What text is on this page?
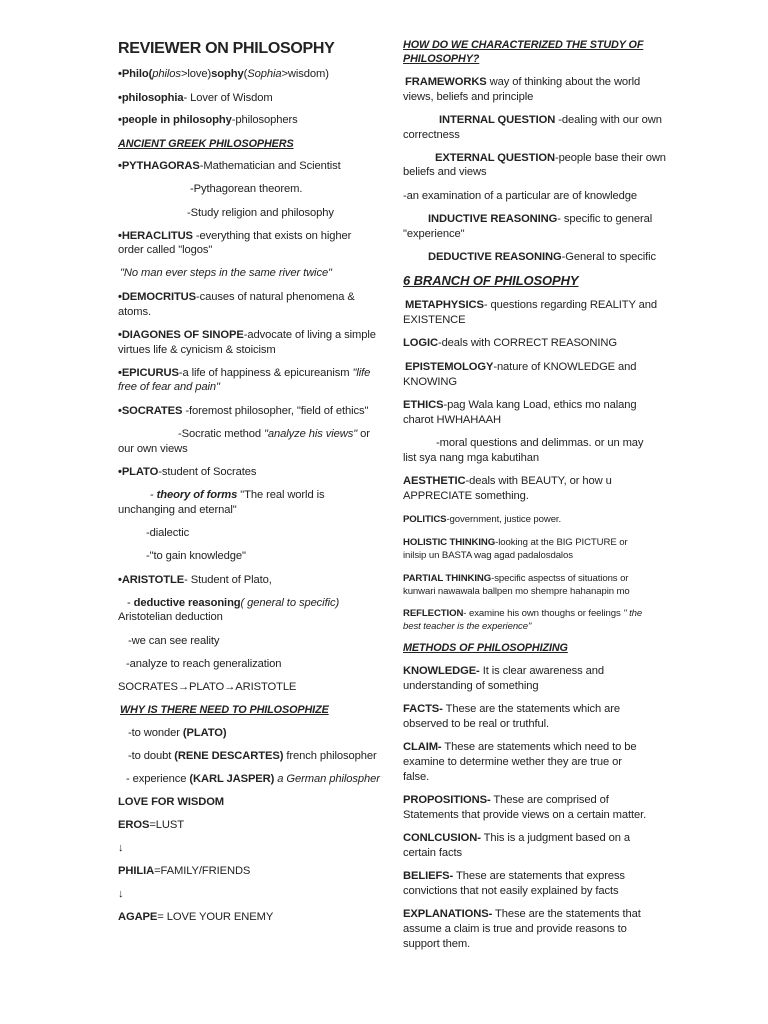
REVIEWER ON PHILOSOPHY
•Philo(philos>love)sophy(Sophia>wisdom)
•philosophia- Lover of Wisdom
•people in philosophy-philosophers
ANCIENT GREEK PHILOSOPHERS
•PYTHAGORAS-Mathematician and Scientist
-Pythagorean theorem.
-Study religion and philosophy
•HERACLITUS -everything that exists on higher
order called "logos"
"No man ever steps in the same river twice"
•DEMOCRITUS-causes of natural phenomena &
atoms.
•DIAGONES OF SINOPE-advocate of living a simple
virtues life & cynicism & stoicism
•EPICURUS-a life of happiness & epicureanism "life
free of fear and pain"
•SOCRATES -foremost philosopher, "field of ethics"
-Socratic method "analyze his views" or
our own views
•PLATO-student of Socrates
- theory of forms "The real world is
unchanging and eternal"
-dialectic
-"to gain knowledge"
•ARISTOTLE- Student of Plato,
- deductive reasoning( general to specific)
Aristotelian deduction
-we can see reality
-analyze to reach generalization
SOCRATES→PLATO→ARISTOTLE
WHY IS THERE NEED TO PHILOSOPHIZE
-to wonder (PLATO)
-to doubt (RENE DESCARTES) french philosopher
- experience (KARL JASPER) a German philospher
LOVE FOR WISDOM
EROS=LUST
↓
PHILIA=FAMILY/FRIENDS
↓
AGAPE= LOVE YOUR ENEMY
HOW DO WE CHARACTERIZED THE STUDY OF
PHILOSOPHY?
FRAMEWORKS way of thinking about the world
views, beliefs and principle
INTERNAL QUESTION -dealing with our own
correctness
EXTERNAL QUESTION-people base their own
beliefs and views
-an examination of a particular are of knowledge
INDUCTIVE REASONING- specific to general
"experience"
DEDUCTIVE REASONING-General to specific
6 BRANCH OF PHILOSOPHY
METAPHYSICS- questions regarding REALITY and
EXISTENCE
LOGIC-deals with CORRECT REASONING
EPISTEMOLOGY-nature of KNOWLEDGE and
KNOWING
ETHICS-pag Wala kang Load, ethics mo nalang
charot HWHAHAAH
-moral questions and delimmas. or un may
list sya nang mga kabutihan
AESTHETIC-deals with BEAUTY, or how u
APPRECIATE something.
POLITICS-government, justice power.
HOLISTIC THINKING-looking at the BIG PICTURE or
inilsip un BASTA wag agad padalosdalos
PARTIAL THINKING-specific aspectss of situations or
kunwari nawawala ballpen mo shempre hahanapin mo
REFLECTION- examine his own thoughs or feelings " the
best teacher is the experience"
METHODS OF PHILOSOPHIZING
KNOWLEDGE- It is clear awareness and
understanding of something
FACTS- These are the statements which are
observed to be real or truthful.
CLAIM- These are statements which need to be
examine to determine wether they are true or
false.
PROPOSITIONS- These are comprised of
Statements that provide views on a certain matter.
CONLCUSION- This is a judgment based on a
certain facts
BELIEFS- These are statements that express
convictions that not easily explained by facts
EXPLANATIONS- These are the statements that
assume a claim is true and provide reasons to
support them.
